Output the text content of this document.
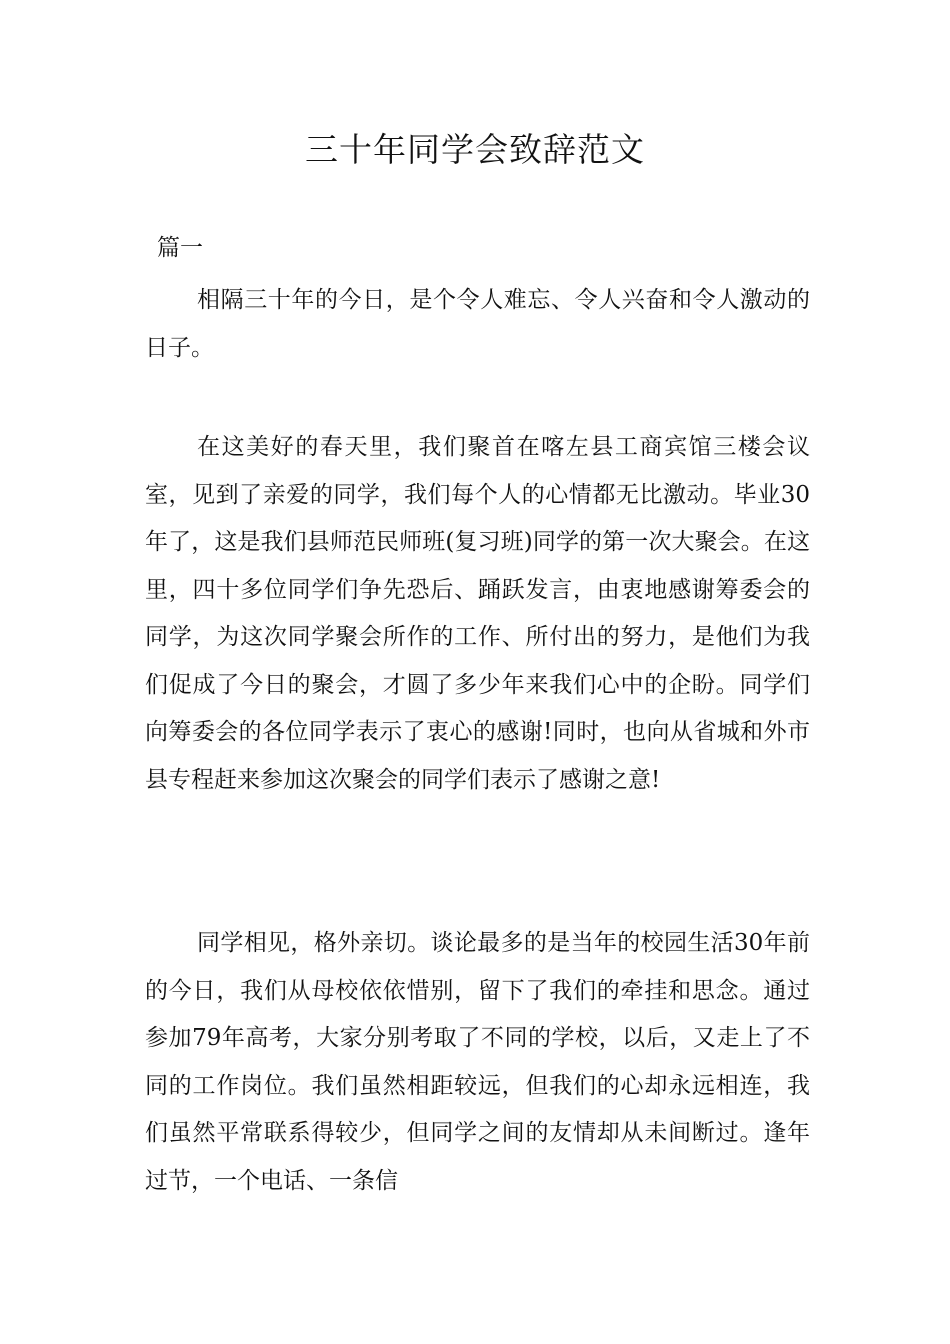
三十年同学会致辞范文
篇一

相隔三十年的今日，是个令人难忘、令人兴奋和令人激动的日子。

在这美好的春天里，我们聚首在喀左县工商宾馆三楼会议室，见到了亲爱的同学，我们每个人的心情都无比激动。毕业30年了，这是我们县师范民师班(复习班)同学的第一次大聚会。在这里，四十多位同学们争先恐后、踊跃发言，由衷地感谢筹委会的同学，为这次同学聚会所作的工作、所付出的努力，是他们为我们促成了今日的聚会，才圆了多少年来我们心中的企盼。同学们向筹委会的各位同学表示了衷心的感谢!同时，也向从省城和外市县专程赶来参加这次聚会的同学们表示了感谢之意!

同学相见，格外亲切。谈论最多的是当年的校园生活30年前的今日，我们从母校依依惜别，留下了我们的牵挂和思念。通过参加79年高考，大家分别考取了不同的学校，以后，又走上了不同的工作岗位。我们虽然相距较远，但我们的心却永远相连，我们虽然平常联系得较少，但同学之间的友情却从未间断过。逢年过节，一个电话、一条信
